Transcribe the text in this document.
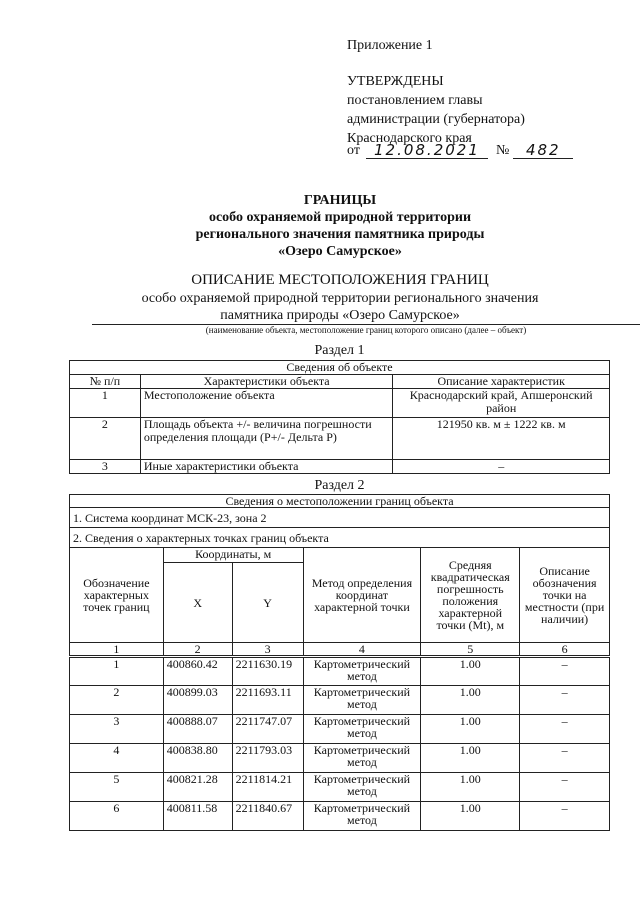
Приложение 1
УТВЕРЖДЕНЫ
постановлением главы
администрации (губернатора)
Краснодарского края
от 12.08.2021	№	482
ГРАНИЦЫ
особо охраняемой природной территории
регионального значения памятника природы
«Озеро Самурское»
ОПИСАНИЕ МЕСТОПОЛОЖЕНИЯ ГРАНИЦ
особо охраняемой природной территории регионального значения
памятника природы «Озеро Самурское»
(наименование объекта, местоположение границ которого описано (далее – объект)
Раздел 1
Сведения об объекте		
№ п/п	Характеристики объекта	Описание характеристик
1	Местоположение объекта	Краснодарский край, Апшеронский район
2	Площадь объекта +/- величина погрешности определения площади (P+/- Дельта P)	121950 кв. м ± 1222 кв. м
3	Иные характеристики объекта	–
Раздел 2
Сведения о местоположении границ объекта					
1. Система координат МСК-23, зона 2					
2. Сведения о характерных точках границ объекта					
Обозначение характерных точек границ	Координаты, м		Метод определения координат характерной точки	Средняя квадратическая погрешность положения характерной точки (Mt), м	Описание обозначения точки на местности (при наличии)
	X	Y			
1	2	3	4	5	6
1	400860.42	2211630.19	Картометрический метод	1.00	–
2	400899.03	2211693.11	Картометрический метод	1.00	–
3	400888.07	2211747.07	Картометрический метод	1.00	–
4	400838.80	2211793.03	Картометрический метод	1.00	–
5	400821.28	2211814.21	Картометрический метод	1.00	–
6	400811.58	2211840.67	Картометрический метод	1.00	–
